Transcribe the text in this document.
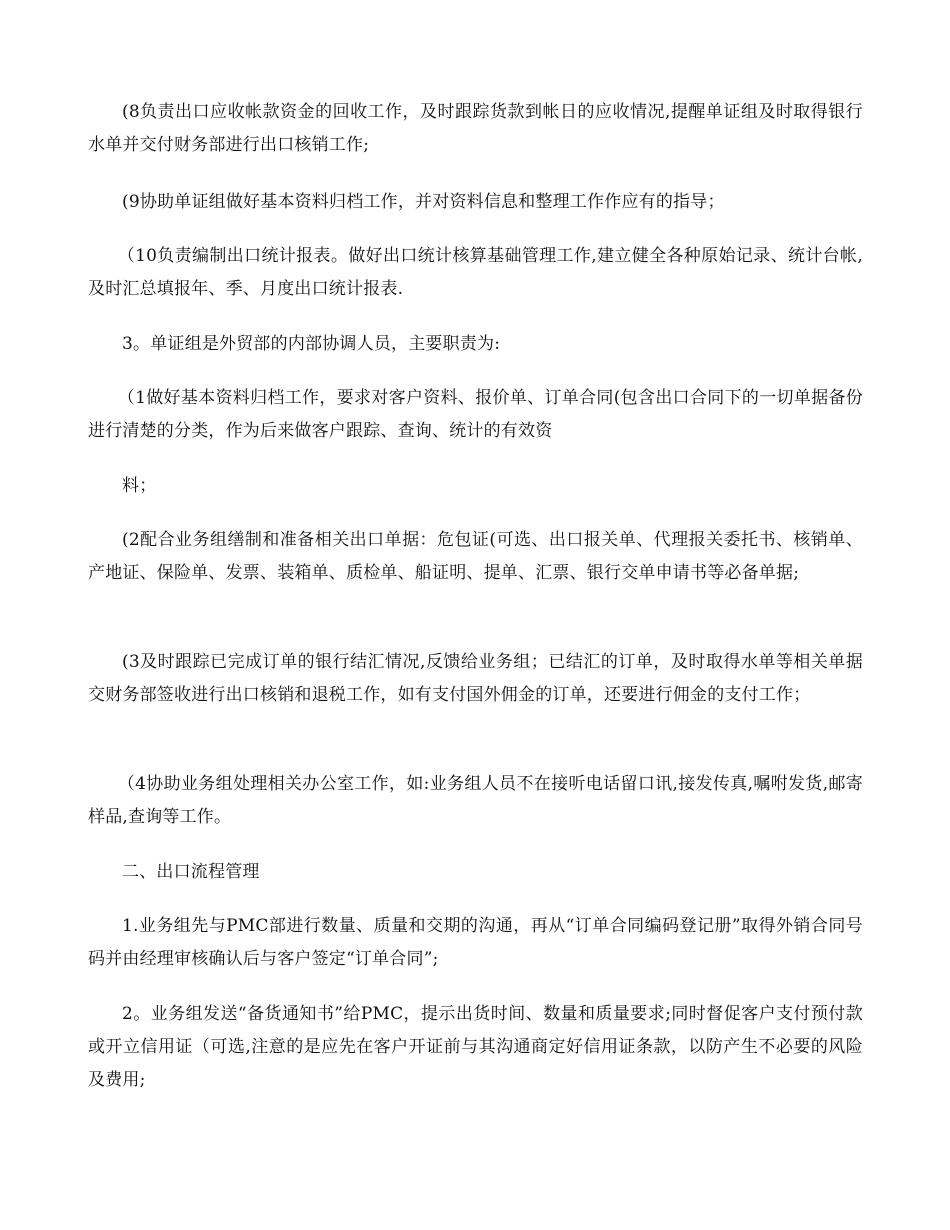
(8负责出口应收帐款资金的回收工作，及时跟踪货款到帐日的应收情况,提醒单证组及时取得银行水单并交付财务部进行出口核销工作;

(9协助单证组做好基本资料归档工作，并对资料信息和整理工作作应有的指导；

（10负责编制出口统计报表。做好出口统计核算基础管理工作,建立健全各种原始记录、统计台帐,及时汇总填报年、季、月度出口统计报表.

3。单证组是外贸部的内部协调人员，主要职责为:

（1做好基本资料归档工作，要求对客户资料、报价单、订单合同(包含出口合同下的一切单据备份进行清楚的分类，作为后来做客户跟踪、查询、统计的有效资

料；

(2配合业务组缮制和准备相关出口单据：危包证(可选、出口报关单、代理报关委托书、核销单、产地证、保险单、发票、装箱单、质检单、船证明、提单、汇票、银行交单申请书等必备单据;

(3及时跟踪已完成订单的银行结汇情况,反馈给业务组；已结汇的订单，及时取得水单等相关单据交财务部签收进行出口核销和退税工作，如有支付国外佣金的订单，还要进行佣金的支付工作；

（4协助业务组处理相关办公室工作，如:业务组人员不在接听电话留口讯,接发传真,嘱咐发货,邮寄样品,查询等工作。

二、出口流程管理

1.业务组先与PMC部进行数量、质量和交期的沟通，再从“订单合同编码登记册”取得外销合同号码并由经理审核确认后与客户签定“订单合同”;

2。业务组发送“备货通知书”给PMC，提示出货时间、数量和质量要求;同时督促客户支付预付款或开立信用证（可选,注意的是应先在客户开证前与其沟通商定好信用证条款，以防产生不必要的风险及费用;
